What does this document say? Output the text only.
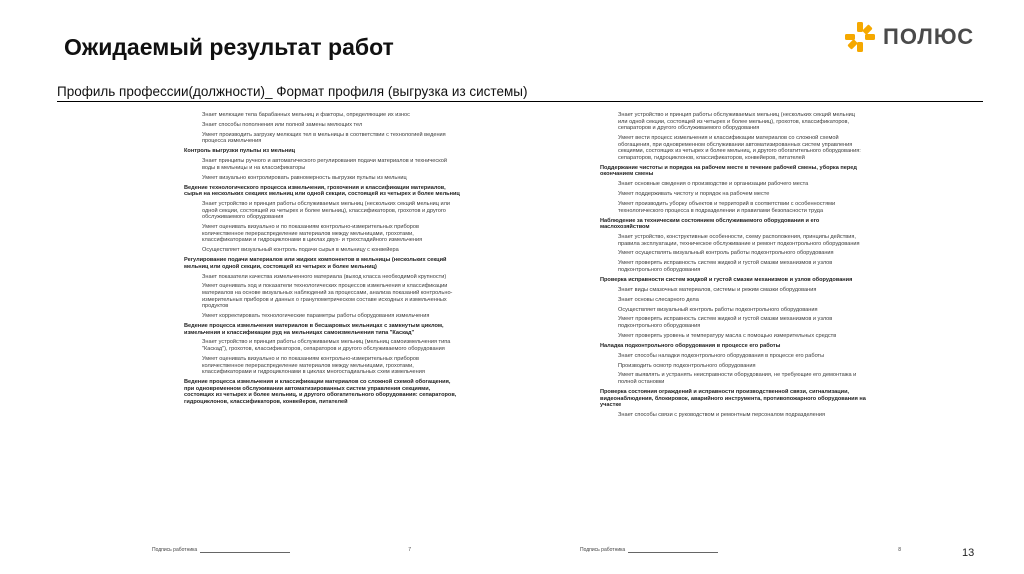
Ожидаемый результат работ	ПОЛЮС
Профиль профессии(должности)_ Формат профиля (выгрузка из системы)
Знает мелющие тела барабанных мельниц и факторы, определяющие их износ
Знает способы пополнения или полной замены мелющих тел
Умеет производить загрузку мелющих тел в мельницы в соответствии с технологией ведения процесса измельчения
Контроль выгрузки пульпы из мельниц
Знает принципы ручного и автоматического регулирования подачи материалов и технической воды в мельницы и на классификаторы
Умеет визуально контролировать равномерность выгрузки пульпы из мельниц
Ведение технологического процесса измельчения, грохочения и классификации материалов, сырья на нескольких секциях мельниц или одной секции, состоящей из четырех и более мельниц
Знает устройство и принцип работы обслуживаемых мельниц (нескольких секций мельниц или одной секции, состоящей из четырех и более мельниц), классификаторов, грохотов и другого обслуживаемого оборудования
Умеет оценивать визуально и по показаниям контрольно-измерительных приборов количественное перераспределение материалов между мельницами, грохотами, классификаторами и гидроциклонами в циклах двух- и трехстадийного измельчения
Осуществляет визуальный контроль подачи сырья в мельницу с конвейера
Регулирование подачи материалов или жидких компонентов в мельницы (нескольких секций мельниц или одной секции, состоящей из четырех и более мельниц)
Знает показатели качества измельченного материала (выход класса необходимой крупности)
Умеет оценивать ход и показатели технологических процессов измельчения и классификации материалов на основе визуальных наблюдений за процессами, анализа показаний контрольно-измерительных приборов и данных о гранулометрическом составе исходных и измельченных продуктов
Умеет корректировать технологические параметры работы оборудования измельчения
Ведение процесса измельчения материалов в бесшаровых мельницах с замкнутым циклом, измельчения и классификации руд на мельницах самоизмельчения типа "Каскад"
Знает устройство и принцип работы обслуживаемых мельниц (мельниц самоизмельчения типа "Каскад"), грохотов, классификаторов, сепараторов и другого обслуживаемого оборудования
Умеет оценивать визуально и по показаниям контрольно-измерительных приборов количественное перераспределение материалов между мельницами, грохотами, классификаторами и гидроциклонами в циклах многостадиальных схем измельчения
Ведение процесса измельчения и классификации материалов со сложной схемой обогащения, при одновременном обслуживании автоматизированных систем управления секциями, состоящих из четырех и более мельниц, и другого обогатительного оборудования: сепараторов, гидроциклонов, классификаторов, конвейеров, питателей
Знает устройство и принцип работы обслуживаемых мельниц (нескольких секций мельниц или одной секции, состоящей из четырех и более мельниц), грохотов, классификаторов, сепараторов и другого обслуживаемого оборудования
Умеет вести процесс измельчения и классификации материалов со сложной схемой обогащения, при одновременном обслуживании автоматизированных систем управления секциями, состоящих из четырех и более мельниц, и другого обогатительного оборудования: сепараторов, гидроциклонов, классификаторов, конвейеров, питателей
Поддержание чистоты и порядка на рабочем месте в течение рабочей смены, уборка перед окончанием смены
Знает основные сведения о производстве и организации рабочего места
Умеет поддерживать чистоту и порядок на рабочем месте
Умеет производить уборку объектов и территорий в соответствии с особенностями технологического процесса в подразделении и правилами безопасности труда
Наблюдение за техническим состоянием обслуживаемого оборудования и его маслохозяйством
Знает устройство, конструктивные особенности, схему расположения, принципы действия, правила эксплуатации, техническое обслуживание и ремонт подконтрольного оборудования
Умеет осуществлять визуальный контроль работы подконтрольного оборудования
Умеет проверять исправность систем жидкой и густой смазки механизмов и узлов подконтрольного оборудования
Проверка исправности систем жидкой и густой смазки механизмов и узлов оборудования
Знает виды смазочных материалов, системы и режим смазки оборудования
Знает основы слесарного дела
Осуществляет визуальный контроль работы подконтрольного оборудования
Умеет проверять исправность систем жидкой и густой смазки механизмов и узлов подконтрольного оборудования
Умеет проверять уровень и температуру масла с помощью измерительных средств
Наладка подконтрольного оборудования в процессе его работы
Знает способы наладки подконтрольного оборудования в процессе его работы
Производить осмотр подконтрольного оборудования
Умеет выявлять и устранять неисправности оборудования, не требующие его демонтажа и полной остановки
Проверка состояния ограждений и исправности производственной связи, сигнализации, видеонаблюдения, блокировок, аварийного инструмента, противопожарного оборудования на участке
Знает способы связи с руководством и ремонтным персоналом подразделения
Подпись работника	7	Подпись работника	8	13
